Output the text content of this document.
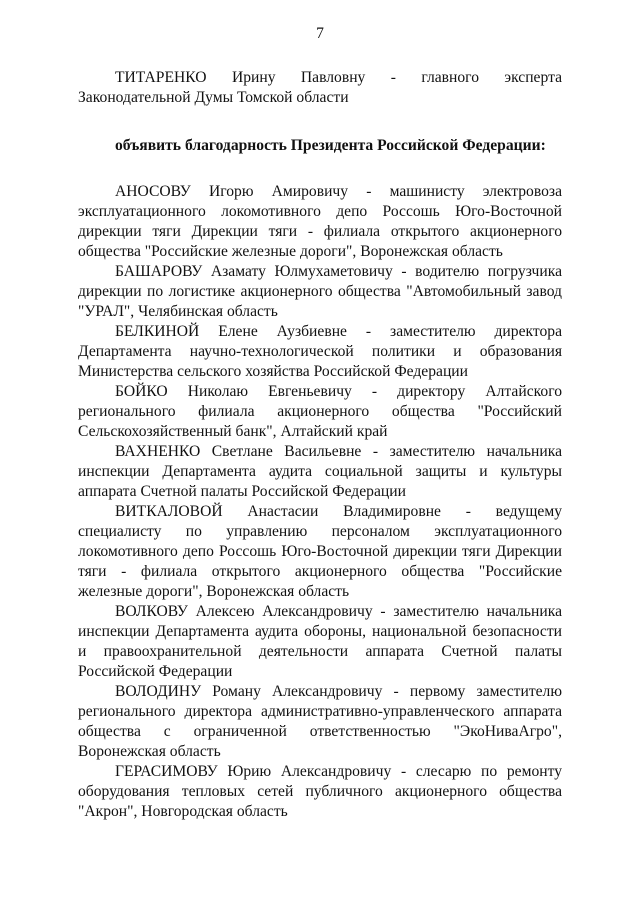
7

ТИТАРЕНКО Ирину Павловну - главного эксперта Законодательной Думы Томской области

объявить благодарность Президента Российской Федерации:

АНОСОВУ Игорю Амировичу - машинисту электровоза эксплуатационного локомотивного депо Россошь Юго-Восточной дирекции тяги Дирекции тяги - филиала открытого акционерного общества "Российские железные дороги", Воронежская область

БАШАРОВУ Азамату Юлмухаметовичу - водителю погрузчика дирекции по логистике акционерного общества "Автомобильный завод "УРАЛ", Челябинская область

БЕЛКИНОЙ Елене Аузбиевне - заместителю директора Департамента научно-технологической политики и образования Министерства сельского хозяйства Российской Федерации

БОЙКО Николаю Евгеньевичу - директору Алтайского регионального филиала акционерного общества "Российский Сельскохозяйственный банк", Алтайский край

ВАХНЕНКО Светлане Васильевне - заместителю начальника инспекции Департамента аудита социальной защиты и культуры аппарата Счетной палаты Российской Федерации

ВИТКАЛОВОЙ Анастасии Владимировне - ведущему специалисту по управлению персоналом эксплуатационного локомотивного депо Россошь Юго-Восточной дирекции тяги Дирекции тяги - филиала открытого акционерного общества "Российские железные дороги", Воронежская область

ВОЛКОВУ Алексею Александровичу - заместителю начальника инспекции Департамента аудита обороны, национальной безопасности и правоохранительной деятельности аппарата Счетной палаты Российской Федерации

ВОЛОДИНУ Роману Александровичу - первому заместителю регионального директора административно-управленческого аппарата общества с ограниченной ответственностью "ЭкоНиваАгро", Воронежская область

ГЕРАСИМОВУ Юрию Александровичу - слесарю по ремонту оборудования тепловых сетей публичного акционерного общества "Акрон", Новгородская область
